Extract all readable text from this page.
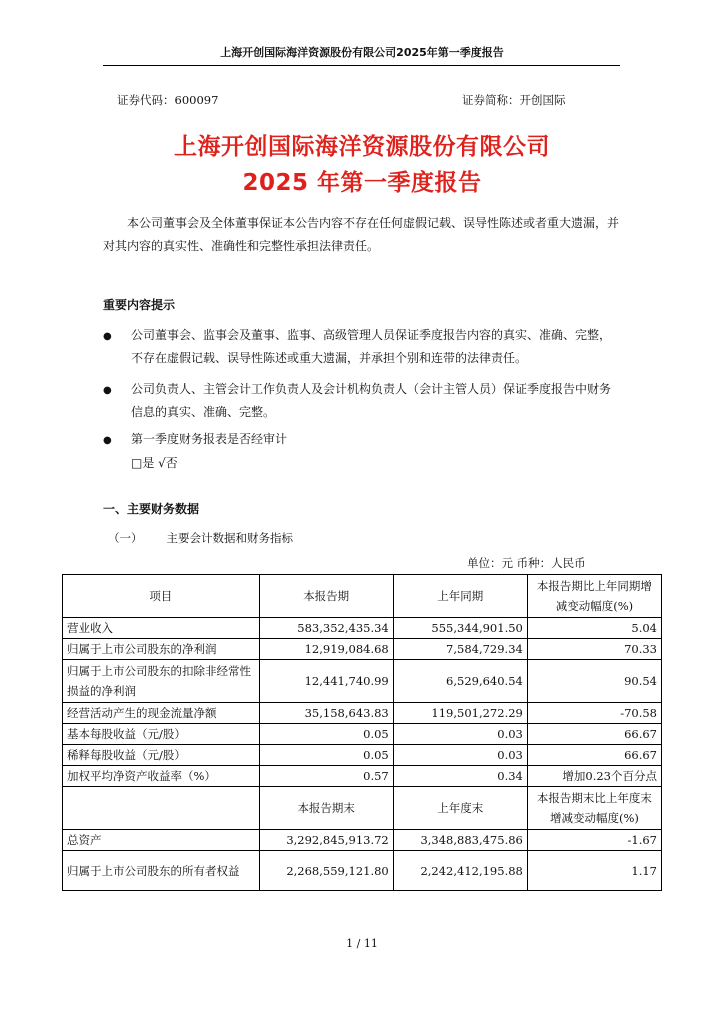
上海开创国际海洋资源股份有限公司2025年第一季度报告
证券代码：600097	证券简称：开创国际
上海开创国际海洋资源股份有限公司
2025 年第一季度报告
本公司董事会及全体董事保证本公告内容不存在任何虚假记载、误导性陈述或者重大遗漏，并对其内容的真实性、准确性和完整性承担法律责任。
重要内容提示
● 公司董事会、监事会及董事、监事、高级管理人员保证季度报告内容的真实、准确、完整，不存在虚假记载、误导性陈述或重大遗漏，并承担个别和连带的法律责任。
● 公司负责人、主管会计工作负责人及会计机构负责人（会计主管人员）保证季度报告中财务信息的真实、准确、完整。
● 第一季度财务报表是否经审计
□是 √否
一、主要财务数据
（一） 主要会计数据和财务指标
单位：元 币种：人民币
项目	本报告期	上年同期	本报告期比上年同期增减变动幅度(%)
营业收入	583,352,435.34	555,344,901.50	5.04
归属于上市公司股东的净利润	12,919,084.68	7,584,729.34	70.33
归属于上市公司股东的扣除非经常性损益的净利润	12,441,740.99	6,529,640.54	90.54
经营活动产生的现金流量净额	35,158,643.83	119,501,272.29	-70.58
基本每股收益（元/股）	0.05	0.03	66.67
稀释每股收益（元/股）	0.05	0.03	66.67
加权平均净资产收益率（%）	0.57	0.34	增加0.23个百分点
	本报告期末	上年度末	本报告期末比上年度末增减变动幅度(%)
总资产	3,292,845,913.72	3,348,883,475.86	-1.67
归属于上市公司股东的所有者权益	2,268,559,121.80	2,242,412,195.88	1.17
1 / 11
